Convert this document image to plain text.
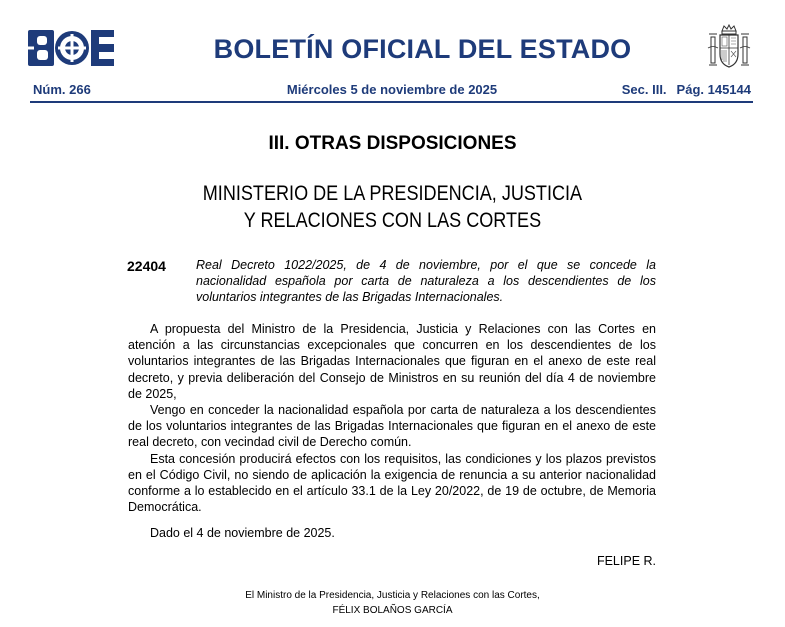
BOLETÍN OFICIAL DEL ESTADO
Núm. 266	Miércoles 5 de noviembre de 2025	Sec. III. Pág. 145144
III. OTRAS DISPOSICIONES
MINISTERIO DE LA PRESIDENCIA, JUSTICIA
Y RELACIONES CON LAS CORTES
22404 Real Decreto 1022/2025, de 4 de noviembre, por el que se concede la nacionalidad española por carta de naturaleza a los descendientes de los voluntarios integrantes de las Brigadas Internacionales.

A propuesta del Ministro de la Presidencia, Justicia y Relaciones con las Cortes en atención a las circunstancias excepcionales que concurren en los descendientes de los voluntarios integrantes de las Brigadas Internacionales que figuran en el anexo de este real decreto, y previa deliberación del Consejo de Ministros en su reunión del día 4 de noviembre de 2025,

Vengo en conceder la nacionalidad española por carta de naturaleza a los descendientes de los voluntarios integrantes de las Brigadas Internacionales que figuran en el anexo de este real decreto, con vecindad civil de Derecho común.

Esta concesión producirá efectos con los requisitos, las condiciones y los plazos previstos en el Código Civil, no siendo de aplicación la exigencia de renuncia a su anterior nacionalidad conforme a lo establecido en el artículo 33.1 de la Ley 20/2022, de 19 de octubre, de Memoria Democrática.

Dado el 4 de noviembre de 2025.
FELIPE R.
El Ministro de la Presidencia, Justicia y Relaciones con las Cortes,
FÉLIX BOLAÑOS GARCÍA
